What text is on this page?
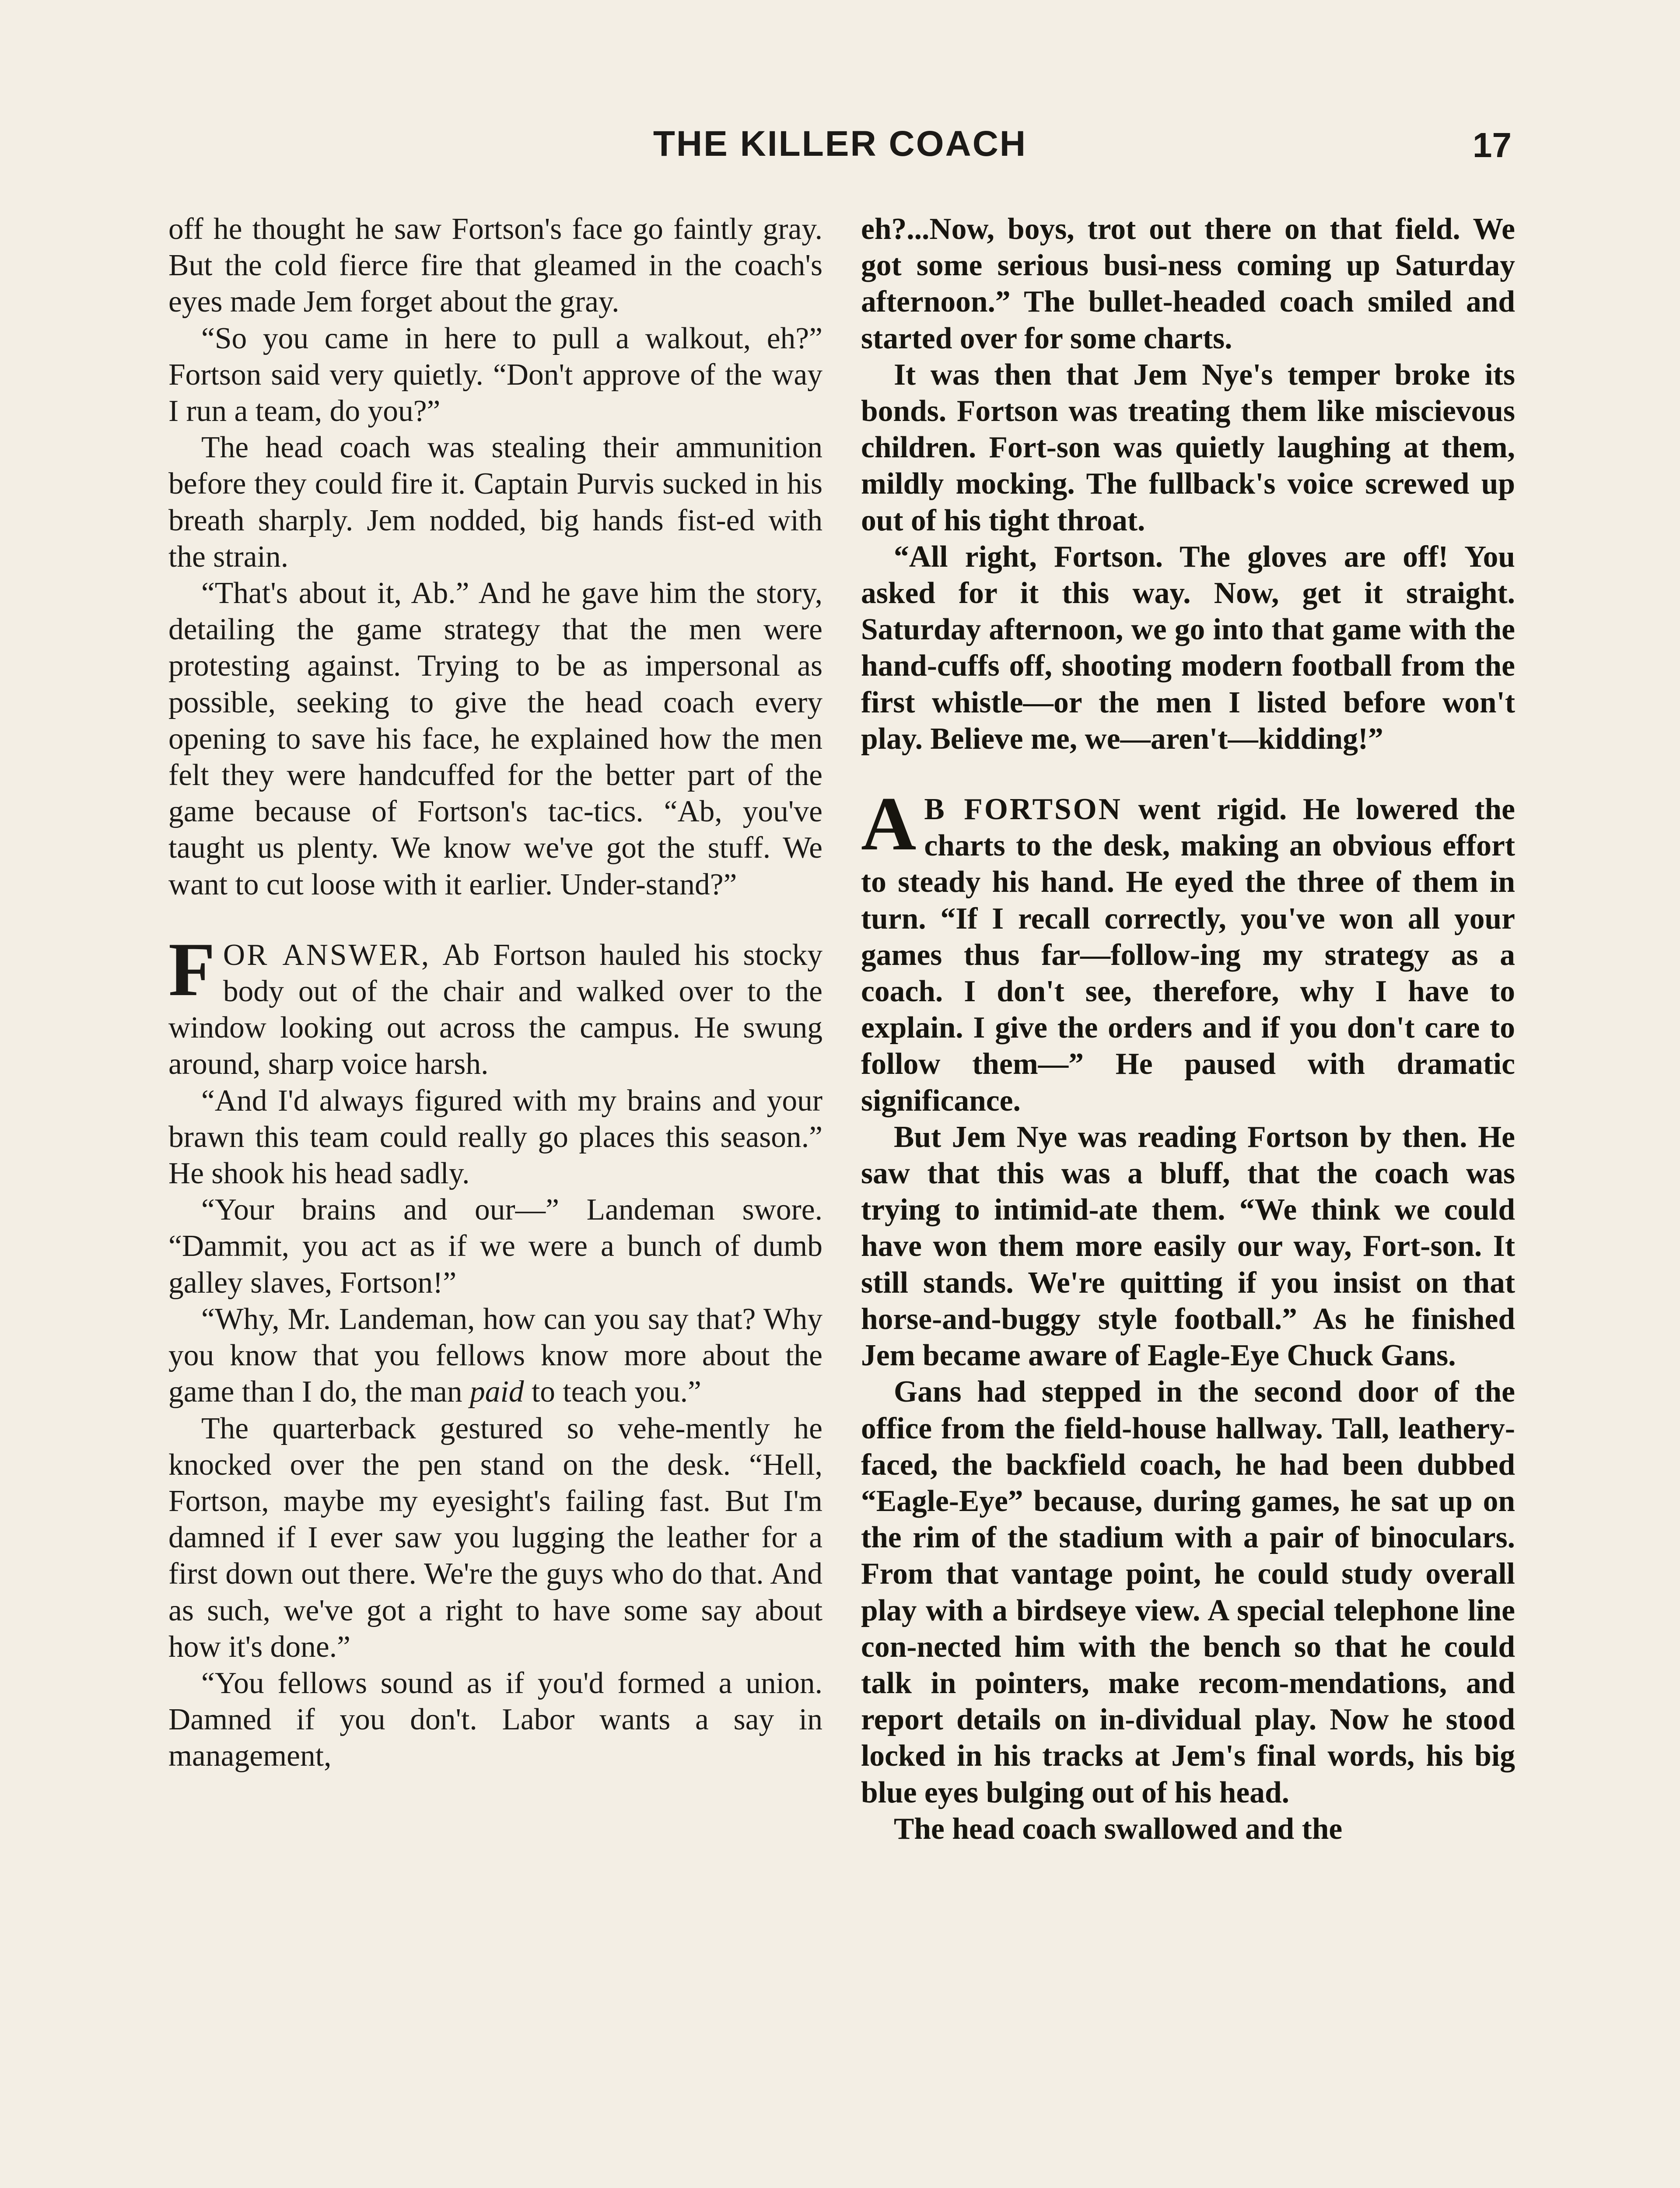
THE KILLER COACH	17

off he thought he saw Fortson's face go faintly gray. But the cold fierce fire that gleamed in the coach's eyes made Jem forget about the gray.

“So you came in here to pull a walkout, eh?” Fortson said very quietly. “Don't approve of the way I run a team, do you?”

The head coach was stealing their ammunition before they could fire it. Captain Purvis sucked in his breath sharply. Jem nodded, big hands fist-ed with the strain.

“That's about it, Ab.” And he gave him the story, detailing the game strategy that the men were protesting against. Trying to be as impersonal as possible, seeking to give the head coach every opening to save his face, he explained how the men felt they were handcuffed for the better part of the game because of Fortson's tac-tics. “Ab, you've taught us plenty. We know we've got the stuff. We want to cut loose with it earlier. Under-stand?”

FOR ANSWER, Ab Fortson hauled his stocky body out of the chair and walked over to the window looking out across the campus. He swung around, sharp voice harsh.

“And I'd always figured with my brains and your brawn this team could really go places this season.” He shook his head sadly.

“Your brains and our—” Landeman swore. “Dammit, you act as if we were a bunch of dumb galley slaves, Fortson!”

“Why, Mr. Landeman, how can you say that? Why you know that you fellows know more about the game than I do, the man paid to teach you.”

The quarterback gestured so vehe-mently he knocked over the pen stand on the desk. “Hell, Fortson, maybe my eyesight's failing fast. But I'm damned if I ever saw you lugging the leather for a first down out there. We're the guys who do that. And as such, we've got a right to have some say about how it's done.”

“You fellows sound as if you'd formed a union. Damned if you don't. Labor wants a say in management,

eh?...Now, boys, trot out there on that field. We got some serious busi-ness coming up Saturday afternoon.” The bullet-headed coach smiled and started over for some charts.

It was then that Jem Nye's temper broke its bonds. Fortson was treating them like miscievous children. Fort-son was quietly laughing at them, mildly mocking. The fullback's voice screwed up out of his tight throat.

“All right, Fortson. The gloves are off! You asked for it this way. Now, get it straight. Saturday afternoon, we go into that game with the hand-cuffs off, shooting modern football from the first whistle—or the men I listed before won't play. Believe me, we—aren't—kidding!”

A B FORTSON went rigid. He lowered the charts to the desk, making an obvious effort to steady his hand. He eyed the three of them in turn. “If I recall correctly, you've won all your games thus far—follow-ing my strategy as a coach. I don't see, therefore, why I have to explain. I give the orders and if you don't care to follow them—” He paused with dramatic significance.

But Jem Nye was reading Fortson by then. He saw that this was a bluff, that the coach was trying to intimid-ate them. “We think we could have won them more easily our way, Fort-son. It still stands. We're quitting if you insist on that horse-and-buggy style football.” As he finished Jem became aware of Eagle-Eye Chuck Gans.

Gans had stepped in the second door of the office from the field-house hallway. Tall, leathery-faced, the backfield coach, he had been dubbed “Eagle-Eye” because, during games, he sat up on the rim of the stadium with a pair of binoculars. From that vantage point, he could study overall play with a birdseye view. A special telephone line con-nected him with the bench so that he could talk in pointers, make recom-mendations, and report details on in-dividual play. Now he stood locked in his tracks at Jem's final words, his big blue eyes bulging out of his head.

The head coach swallowed and the
